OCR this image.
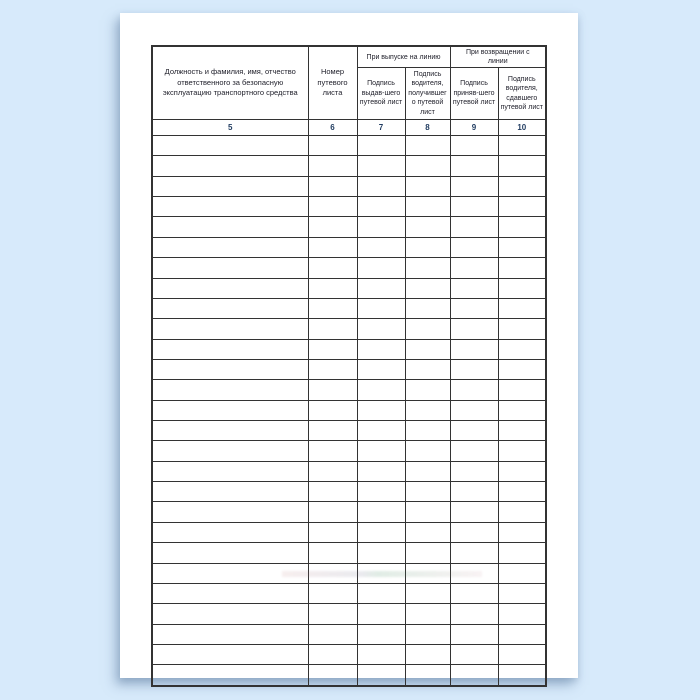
Должность и фамилия, имя, отчество ответственного за безопасную эксплуатацию транспортного средства	Номер путевого листа	При выпуске на линию		При возвращении с линии	
		Подпись выдав-шего путевой лист	Подпись водителя, получившего путевой лист	Подпись приняв-шего путевой лист	Подпись водителя, сдавшего путевой лист
5	6	7	8	9	10
